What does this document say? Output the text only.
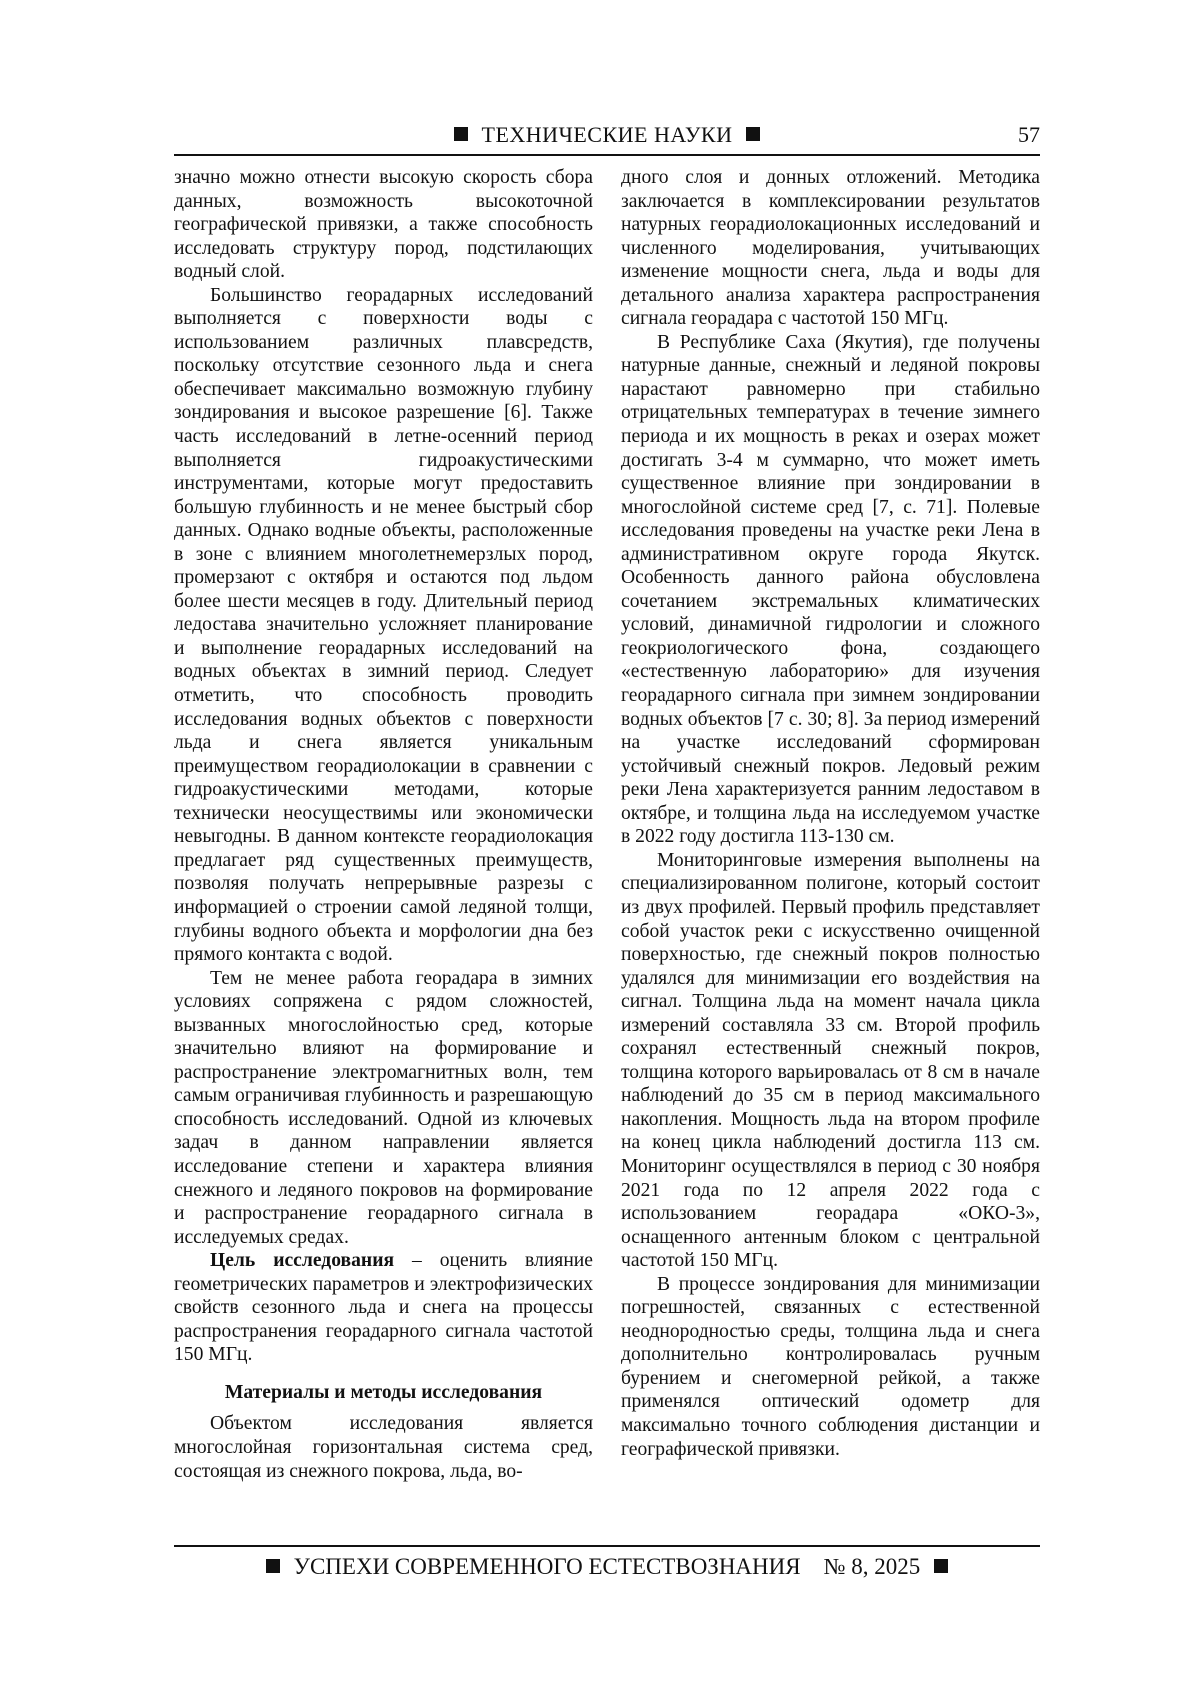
ТЕХНИЧЕСКИЕ НАУКИ	57

значно можно отнести высокую скорость сбора данных, возможность высокоточной географической привязки, а также способность исследовать структуру пород, подстилающих водный слой.

Большинство георадарных исследований выполняется с поверхности воды с использованием различных плавсредств, поскольку отсутствие сезонного льда и снега обеспечивает максимально возможную глубину зондирования и высокое разрешение [6]. Также часть исследований в летне-осенний период выполняется гидроакустическими инструментами, которые могут предоставить большую глубинность и не менее быстрый сбор данных. Однако водные объекты, расположенные в зоне с влиянием многолетнемерзлых пород, промерзают с октября и остаются под льдом более шести месяцев в году. Длительный период ледостава значительно усложняет планирование и выполнение георадарных исследований на водных объектах в зимний период. Следует отметить, что способность проводить исследования водных объектов с поверхности льда и снега является уникальным преимуществом георадиолокации в сравнении с гидроакустическими методами, которые технически неосуществимы или экономически невыгодны. В данном контексте георадиолокация предлагает ряд существенных преимуществ, позволяя получать непрерывные разрезы с информацией о строении самой ледяной толщи, глубины водного объекта и морфологии дна без прямого контакта с водой.

Тем не менее работа георадара в зимних условиях сопряжена с рядом сложностей, вызванных многослойностью сред, которые значительно влияют на формирование и распространение электромагнитных волн, тем самым ограничивая глубинность и разрешающую способность исследований. Одной из ключевых задач в данном направлении является исследование степени и характера влияния снежного и ледяного покровов на формирование и распространение георадарного сигнала в исследуемых средах.

Цель исследования – оценить влияние геометрических параметров и электрофизических свойств сезонного льда и снега на процессы распространения георадарного сигнала частотой 150 МГц.

Материалы и методы исследования

Объектом исследования является многослойная горизонтальная система сред, состоящая из снежного покрова, льда, во-

дного слоя и донных отложений. Методика заключается в комплексировании результатов натурных георадиолокационных исследований и численного моделирования, учитывающих изменение мощности снега, льда и воды для детального анализа характера распространения сигнала георадара с частотой 150 МГц.

В Республике Саха (Якутия), где получены натурные данные, снежный и ледяной покровы нарастают равномерно при стабильно отрицательных температурах в течение зимнего периода и их мощность в реках и озерах может достигать 3-4 м суммарно, что может иметь существенное влияние при зондировании в многослойной системе сред [7, с. 71]. Полевые исследования проведены на участке реки Лена в административном округе города Якутск. Особенность данного района обусловлена сочетанием экстремальных климатических условий, динамичной гидрологии и сложного геокриологического фона, создающего «естественную лабораторию» для изучения георадарного сигнала при зимнем зондировании водных объектов [7 с. 30; 8]. За период измерений на участке исследований сформирован устойчивый снежный покров. Ледовый режим реки Лена характеризуется ранним ледоставом в октябре, и толщина льда на исследуемом участке в 2022 году достигла 113-130 см.

Мониторинговые измерения выполнены на специализированном полигоне, который состоит из двух профилей. Первый профиль представляет собой участок реки с искусственно очищенной поверхностью, где снежный покров полностью удалялся для минимизации его воздействия на сигнал. Толщина льда на момент начала цикла измерений составляла 33 см. Второй профиль сохранял естественный снежный покров, толщина которого варьировалась от 8 см в начале наблюдений до 35 см в период максимального накопления. Мощность льда на втором профиле на конец цикла наблюдений достигла 113 см. Мониторинг осуществлялся в период с 30 ноября 2021 года по 12 апреля 2022 года с использованием георадара «ОКО-3», оснащенного антенным блоком с центральной частотой 150 МГц.

В процессе зондирования для минимизации погрешностей, связанных с естественной неоднородностью среды, толщина льда и снега дополнительно контролировалась ручным бурением и снегомерной рейкой, а также применялся оптический одометр для максимально точного соблюдения дистанции и географической привязки.

УСПЕХИ СОВРЕМЕННОГО ЕСТЕСТВОЗНАНИЯ № 8, 2025
